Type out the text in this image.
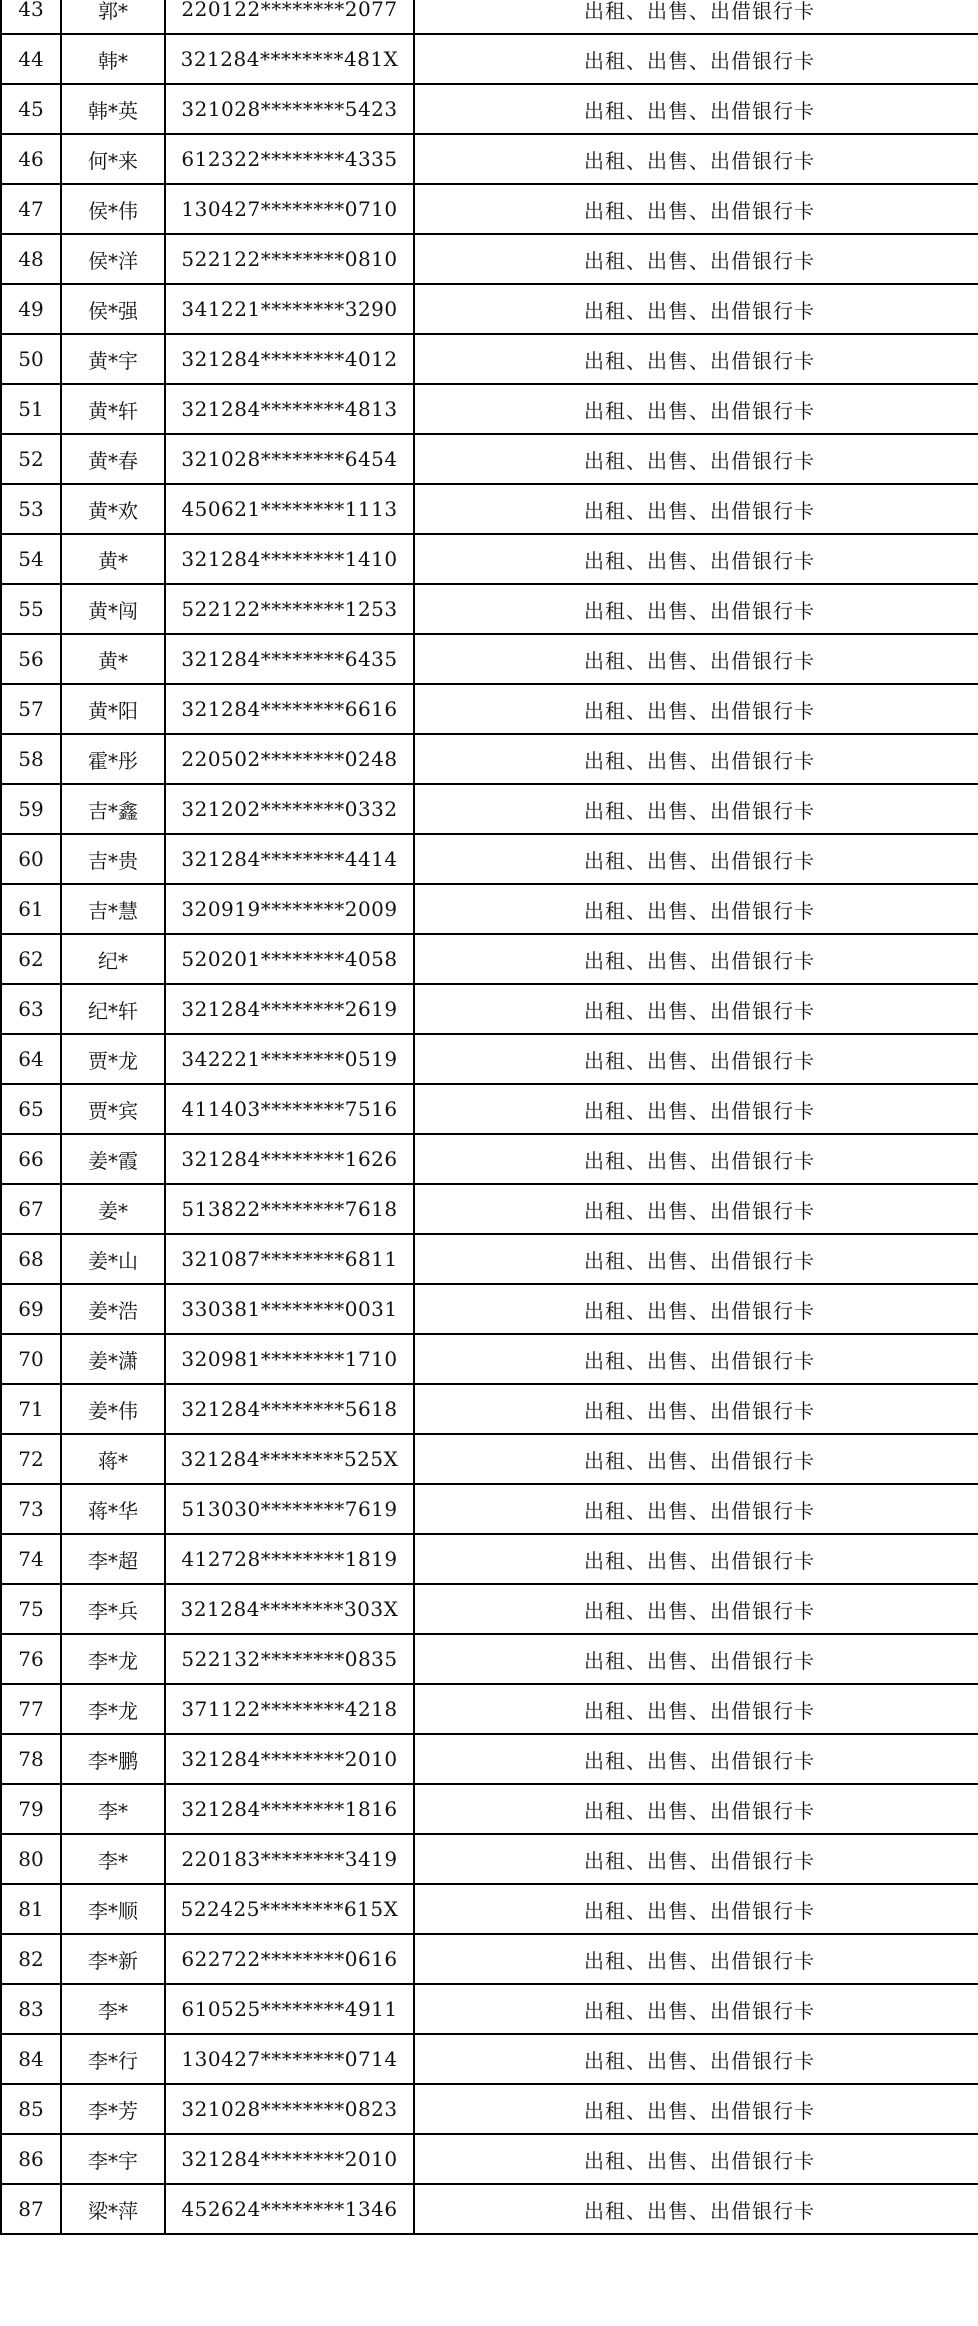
43	郭*	220122********2077	出租、出售、出借银行卡
44	韩*	321284********481X	出租、出售、出借银行卡
45	韩*英	321028********5423	出租、出售、出借银行卡
46	何*来	612322********4335	出租、出售、出借银行卡
47	侯*伟	130427********0710	出租、出售、出借银行卡
48	侯*洋	522122********0810	出租、出售、出借银行卡
49	侯*强	341221********3290	出租、出售、出借银行卡
50	黄*宇	321284********4012	出租、出售、出借银行卡
51	黄*轩	321284********4813	出租、出售、出借银行卡
52	黄*春	321028********6454	出租、出售、出借银行卡
53	黄*欢	450621********1113	出租、出售、出借银行卡
54	黄*	321284********1410	出租、出售、出借银行卡
55	黄*闯	522122********1253	出租、出售、出借银行卡
56	黄*	321284********6435	出租、出售、出借银行卡
57	黄*阳	321284********6616	出租、出售、出借银行卡
58	霍*彤	220502********0248	出租、出售、出借银行卡
59	吉*鑫	321202********0332	出租、出售、出借银行卡
60	吉*贵	321284********4414	出租、出售、出借银行卡
61	吉*慧	320919********2009	出租、出售、出借银行卡
62	纪*	520201********4058	出租、出售、出借银行卡
63	纪*轩	321284********2619	出租、出售、出借银行卡
64	贾*龙	342221********0519	出租、出售、出借银行卡
65	贾*宾	411403********7516	出租、出售、出借银行卡
66	姜*霞	321284********1626	出租、出售、出借银行卡
67	姜*	513822********7618	出租、出售、出借银行卡
68	姜*山	321087********6811	出租、出售、出借银行卡
69	姜*浩	330381********0031	出租、出售、出借银行卡
70	姜*潇	320981********1710	出租、出售、出借银行卡
71	姜*伟	321284********5618	出租、出售、出借银行卡
72	蒋*	321284********525X	出租、出售、出借银行卡
73	蒋*华	513030********7619	出租、出售、出借银行卡
74	李*超	412728********1819	出租、出售、出借银行卡
75	李*兵	321284********303X	出租、出售、出借银行卡
76	李*龙	522132********0835	出租、出售、出借银行卡
77	李*龙	371122********4218	出租、出售、出借银行卡
78	李*鹏	321284********2010	出租、出售、出借银行卡
79	李*	321284********1816	出租、出售、出借银行卡
80	李*	220183********3419	出租、出售、出借银行卡
81	李*顺	522425********615X	出租、出售、出借银行卡
82	李*新	622722********0616	出租、出售、出借银行卡
83	李*	610525********4911	出租、出售、出借银行卡
84	李*行	130427********0714	出租、出售、出借银行卡
85	李*芳	321028********0823	出租、出售、出借银行卡
86	李*宇	321284********2010	出租、出售、出借银行卡
87	梁*萍	452624********1346	出租、出售、出借银行卡
